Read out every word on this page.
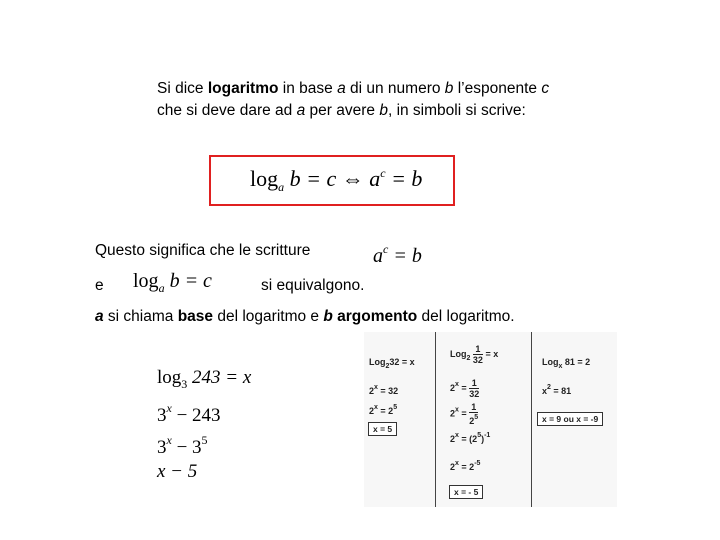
Si dice logaritmo in base a di un numero b l’esponente c
che si deve dare ad a per avere b, in simboli si scrive:
$\log_a b = c$ ⇔ $a^c = b$
Questo significa che le scritture	$a^c = b$
e $\log_a b = c$	si equivalgono.
a si chiama base del logaritmo e b argomento del logaritmo.
$\log_3 243 = x$
$3^x - 243$
$3^x - 3^5$
x − 5
Log$_2$32 = x
$2^x = 32$
$2^x = 2^5$
x = 5
$Log_2 \frac{1}{32} = x$
$2^x = \frac{1}{32}$
$2^x = \frac{1}{2^5}$
$2^x = (2^5)^{-1}$
$2^x = 2^{-5}$
x = - 5
Log$_x$ 81 = 2
$x^2 = 81$
x = 9 ou x = -9
